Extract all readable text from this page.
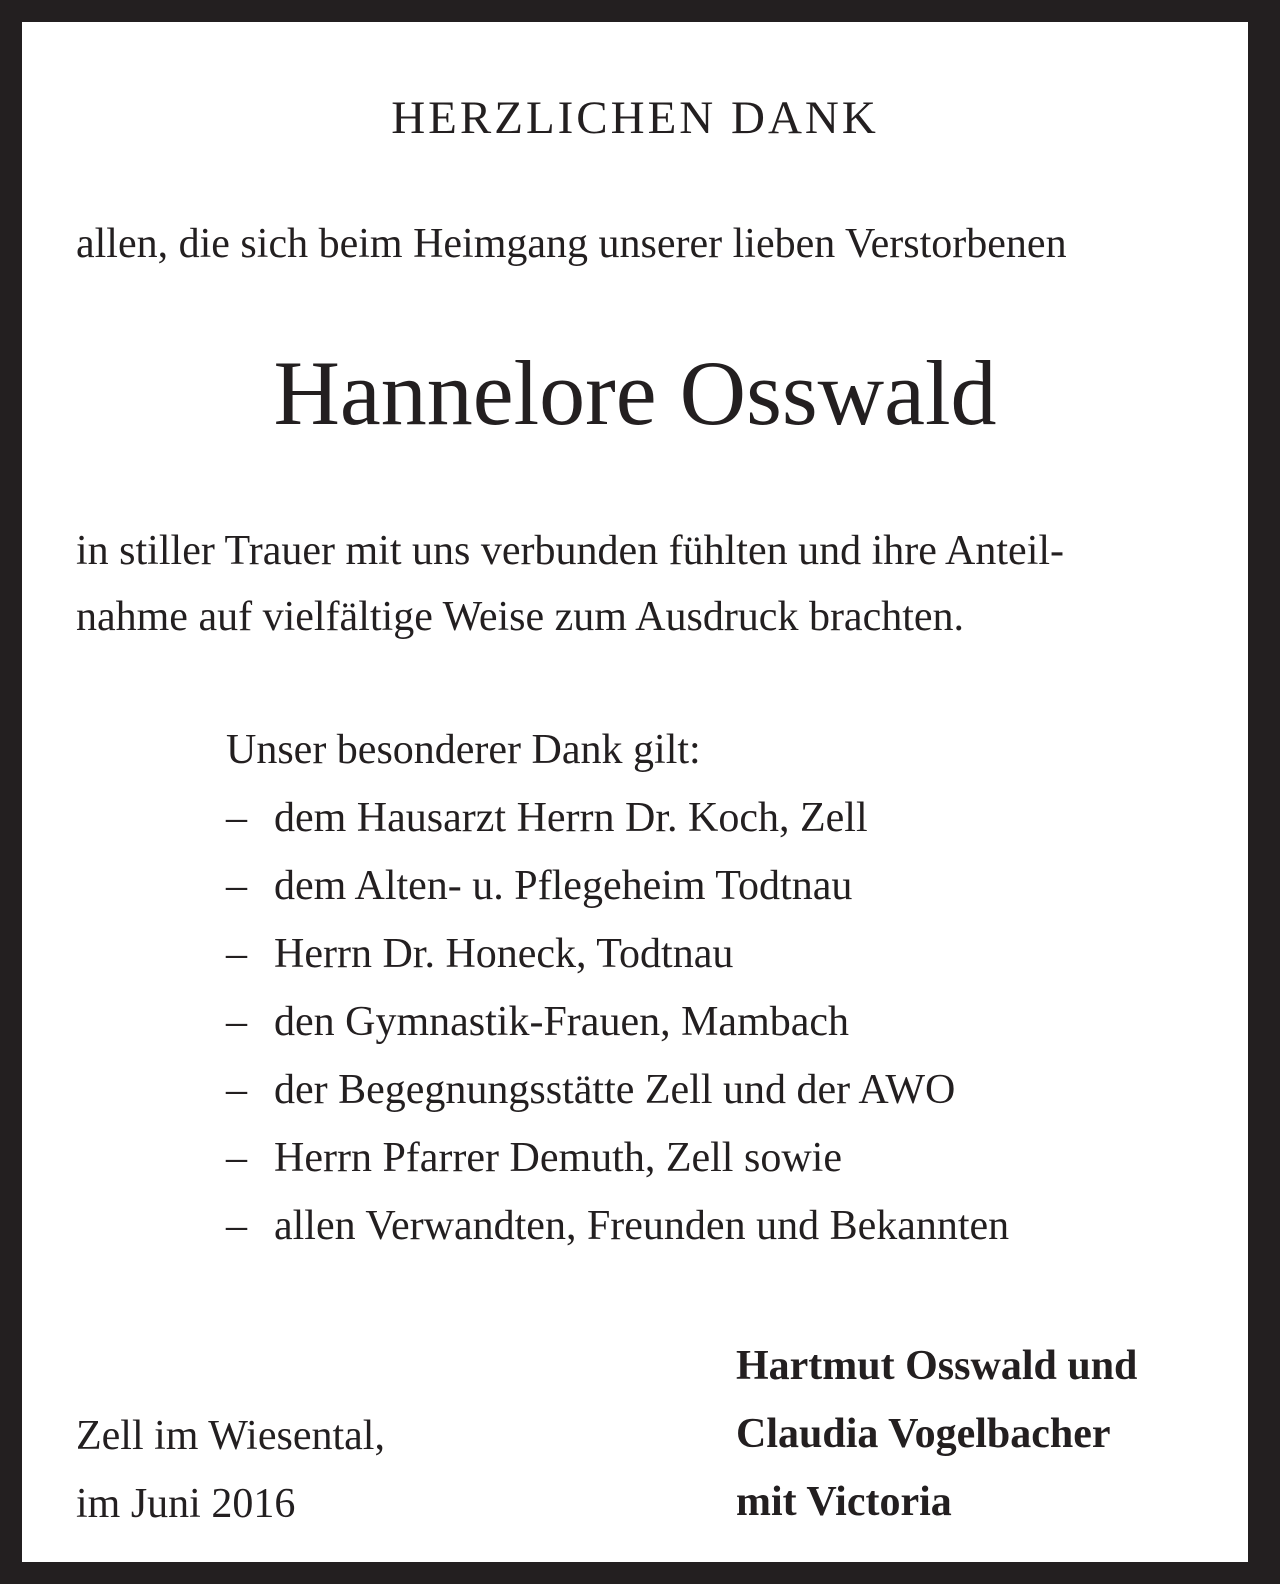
HERZLICHEN DANK
allen, die sich beim Heimgang unserer lieben Verstorbenen
Hannelore Osswald
in stiller Trauer mit uns verbunden fühlten und ihre Anteil-
nahme auf vielfältige Weise zum Ausdruck brachten.
Unser besonderer Dank gilt:
– dem Hausarzt Herrn Dr. Koch, Zell
– dem Alten- u. Pflegeheim Todtnau
– Herrn Dr. Honeck, Todtnau
– den Gymnastik-Frauen, Mambach
– der Begegnungsstätte Zell und der AWO
– Herrn Pfarrer Demuth, Zell sowie
– allen Verwandten, Freunden und Bekannten
Hartmut Osswald und
Claudia Vogelbacher
mit Victoria
Zell im Wiesental,
im Juni 2016
